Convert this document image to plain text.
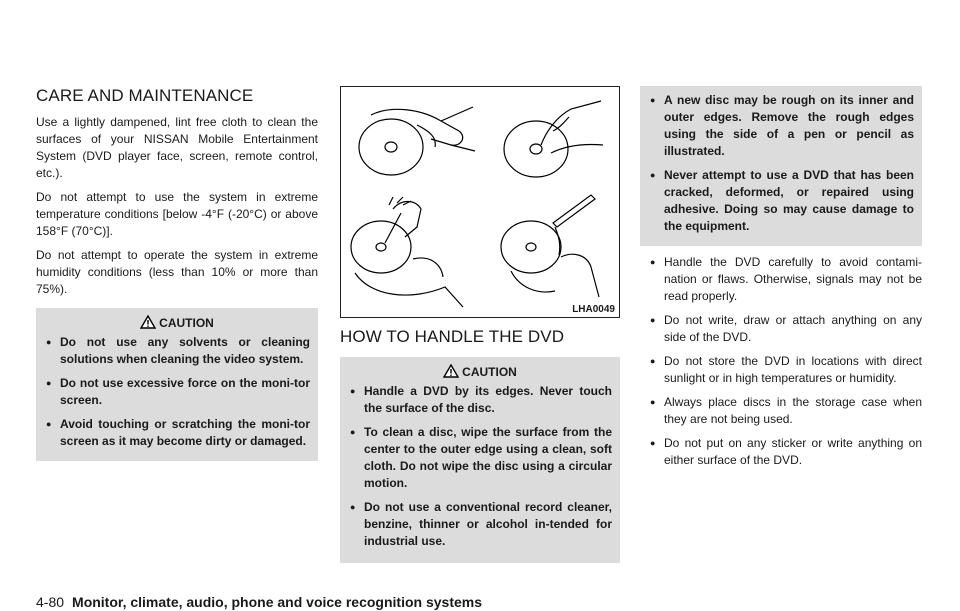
CARE AND MAINTENANCE

Use a lightly dampened, lint free cloth to clean the surfaces of your NISSAN Mobile Entertainment System (DVD player face, screen, remote control, etc.).

Do not attempt to use the system in extreme temperature conditions [below -4°F (-20°C) or above 158°F (70°C)].

Do not attempt to operate the system in extreme humidity conditions (less than 10% or more than 75%).

CAUTION
● Do not use any solvents or cleaning solutions when cleaning the video system.
● Do not use excessive force on the moni-tor screen.
● Avoid touching or scratching the moni-tor screen as it may become dirty or damaged.
LHA0049
HOW TO HANDLE THE DVD
CAUTION
● Handle a DVD by its edges. Never touch the surface of the disc.
● To clean a disc, wipe the surface from the center to the outer edge using a clean, soft cloth. Do not wipe the disc using a circular motion.
● Do not use a conventional record cleaner, benzine, thinner or alcohol in-tended for industrial use.
● A new disc may be rough on its inner and outer edges. Remove the rough edges using the side of a pen or pencil as illustrated.
● Never attempt to use a DVD that has been cracked, deformed, or repaired using adhesive. Doing so may cause damage to the equipment.
● Handle the DVD carefully to avoid contami-nation or flaws. Otherwise, signals may not be read properly.
● Do not write, draw or attach anything on any side of the DVD.
● Do not store the DVD in locations with direct sunlight or in high temperatures or humidity.
● Always place discs in the storage case when they are not being used.
● Do not put on any sticker or write anything on either surface of the DVD.
4-80 Monitor, climate, audio, phone and voice recognition systems
